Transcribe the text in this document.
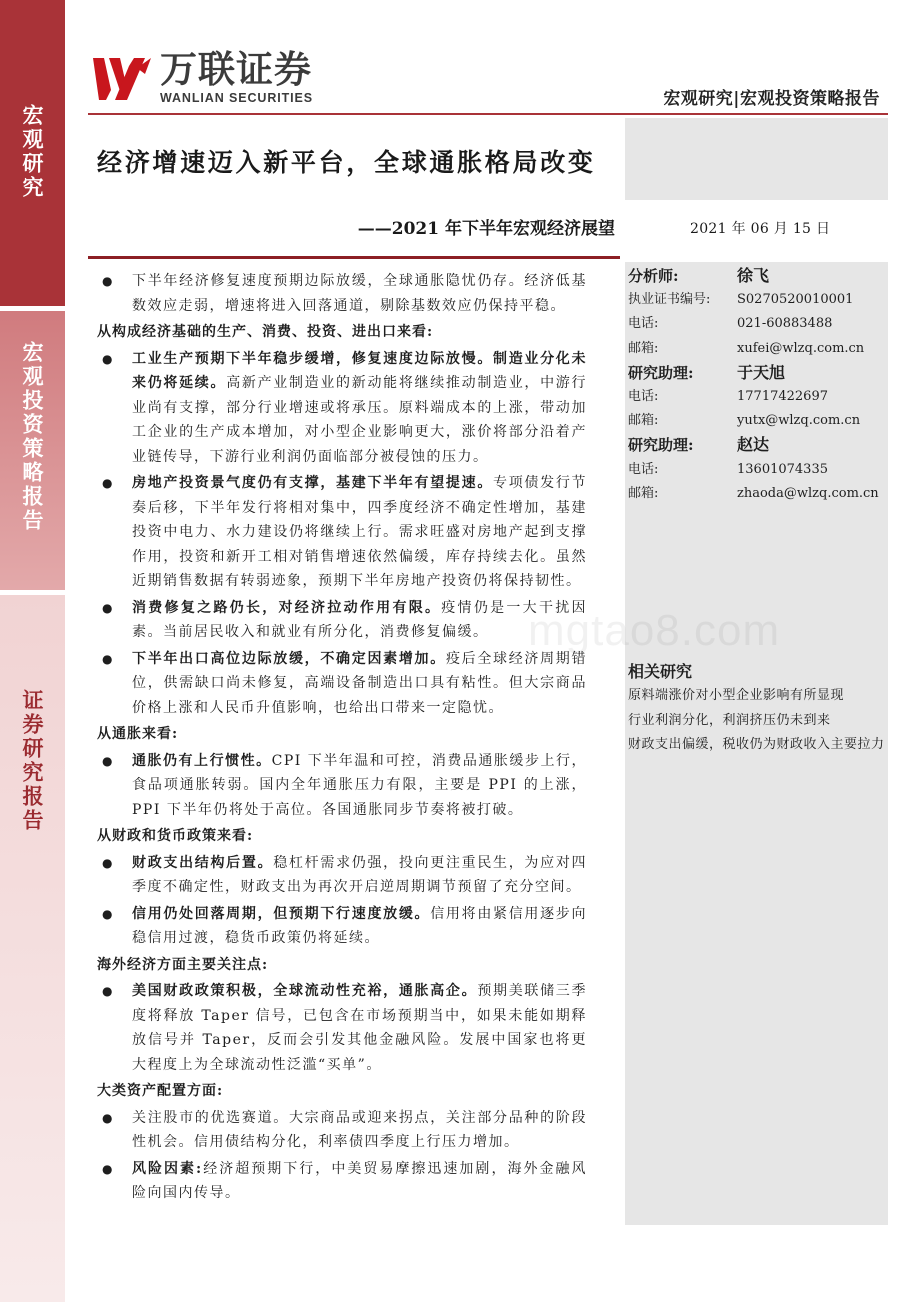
宏观研究
宏观投资策略报告
证券研究报告
万联证券
WANLIAN SECURITIES	宏观研究|宏观投资策略报告
经济增速迈入新平台，全球通胀格局改变
——2021 年下半年宏观经济展望	2021 年 06 月 15 日
●	下半年经济修复速度预期边际放缓，全球通胀隐忧仍存。经济低基数效应走弱，增速将进入回落通道，剔除基数效应仍保持平稳。
从构成经济基础的生产、消费、投资、进出口来看:
●	工业生产预期下半年稳步缓增，修复速度边际放慢。制造业分化未来仍将延续。高新产业制造业的新动能将继续推动制造业，中游行业尚有支撑，部分行业增速或将承压。原料端成本的上涨，带动加工企业的生产成本增加，对小型企业影响更大，涨价将部分沿着产业链传导，下游行业利润仍面临部分被侵蚀的压力。
●	房地产投资景气度仍有支撑，基建下半年有望提速。专项债发行节奏后移，下半年发行将相对集中，四季度经济不确定性增加，基建投资中电力、水力建设仍将继续上行。需求旺盛对房地产起到支撑作用，投资和新开工相对销售增速依然偏缓，库存持续去化。虽然近期销售数据有转弱迹象，预期下半年房地产投资仍将保持韧性。
●	消费修复之路仍长，对经济拉动作用有限。疫情仍是一大干扰因素。当前居民收入和就业有所分化，消费修复偏缓。
●	下半年出口高位边际放缓，不确定因素增加。疫后全球经济周期错位，供需缺口尚未修复，高端设备制造出口具有粘性。但大宗商品价格上涨和人民币升值影响，也给出口带来一定隐忧。
从通胀来看:
●	通胀仍有上行惯性。CPI 下半年温和可控，消费品通胀缓步上行，食品项通胀转弱。国内全年通胀压力有限，主要是 PPI 的上涨，PPI 下半年仍将处于高位。各国通胀同步节奏将被打破。
从财政和货币政策来看:
●	财政支出结构后置。稳杠杆需求仍强，投向更注重民生，为应对四季度不确定性，财政支出为再次开启逆周期调节预留了充分空间。
●	信用仍处回落周期，但预期下行速度放缓。信用将由紧信用逐步向稳信用过渡，稳货币政策仍将延续。
海外经济方面主要关注点:
●	美国财政政策积极，全球流动性充裕，通胀高企。预期美联储三季度将释放 Taper 信号，已包含在市场预期当中，如果未能如期释放信号并 Taper，反而会引发其他金融风险。发展中国家也将更大程度上为全球流动性泛滥“买单”。
大类资产配置方面:
●	关注股市的优选赛道。大宗商品或迎来拐点，关注部分品种的阶段性机会。信用债结构分化，利率债四季度上行压力增加。
●	风险因素:经济超预期下行，中美贸易摩擦迅速加剧，海外金融风险向国内传导。
分析师:	徐飞
执业证书编号:	S0270520010001
电话:	021-60883488
邮箱:	xufei@wlzq.com.cn
研究助理:	于天旭
电话:	17717422697
邮箱:	yutx@wlzq.com.cn
研究助理:	赵达
电话:	13601074335
邮箱:	zhaoda@wlzq.com.cn
相关研究
原料端涨价对小型企业影响有所显现
行业利润分化，利润挤压仍未到来
财政支出偏缓，税收仍为财政收入主要拉力
